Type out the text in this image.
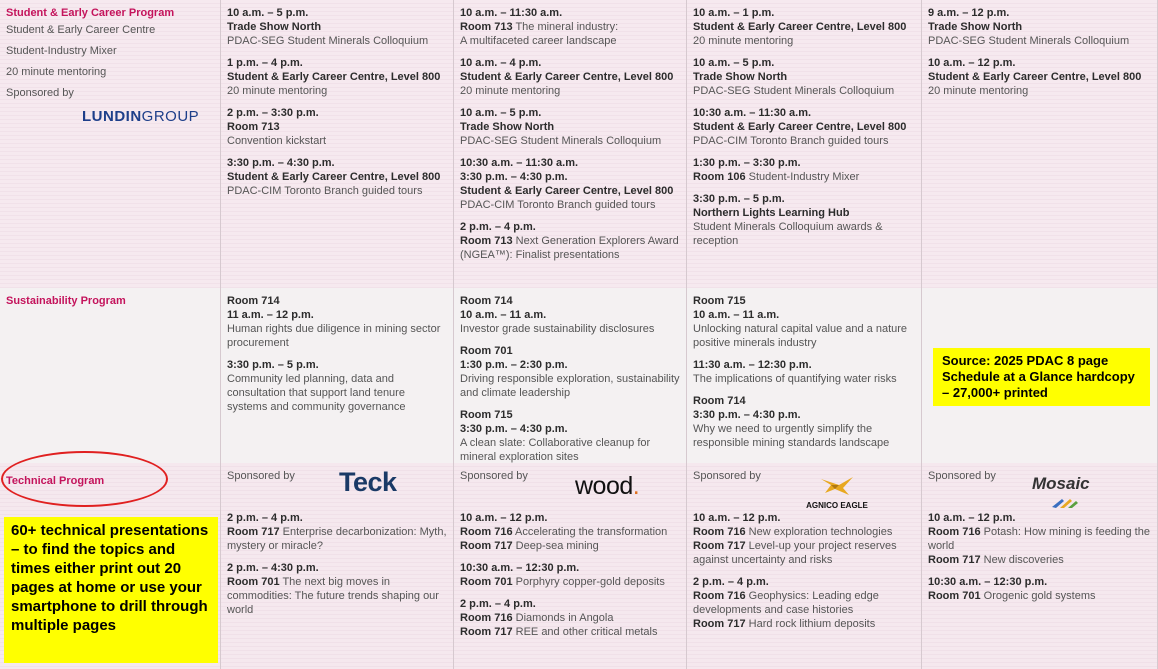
Student & Early Career Program
Student & Early Career Centre
Student-Industry Mixer
20 minute mentoring
Sponsored by
LUNDINGROUP
10 a.m. – 5 p.m.
Trade Show North
PDAC-SEG Student Minerals Colloquium
1 p.m. – 4 p.m.
Student & Early Career Centre, Level 800
20 minute mentoring
2 p.m. – 3:30 p.m.
Room 713
Convention kickstart
3:30 p.m. – 4:30 p.m.
Student & Early Career Centre, Level 800
PDAC-CIM Toronto Branch guided tours
10 a.m. – 11:30 a.m.
Room 713 The mineral industry:
A multifaceted career landscape
10 a.m. – 4 p.m.
Student & Early Career Centre, Level 800
20 minute mentoring
10 a.m. – 5 p.m.
Trade Show North
PDAC-SEG Student Minerals Colloquium
10:30 a.m. – 11:30 a.m.
3:30 p.m. – 4:30 p.m.
Student & Early Career Centre, Level 800
PDAC-CIM Toronto Branch guided tours
2 p.m. – 4 p.m.
Room 713 Next Generation Explorers Award
(NGEA™): Finalist presentations
10 a.m. – 1 p.m.
Student & Early Career Centre, Level 800
20 minute mentoring
10 a.m. – 5 p.m.
Trade Show North
PDAC-SEG Student Minerals Colloquium
10:30 a.m. – 11:30 a.m.
Student & Early Career Centre, Level 800
PDAC-CIM Toronto Branch guided tours
1:30 p.m. – 3:30 p.m.
Room 106 Student-Industry Mixer
3:30 p.m. – 5 p.m.
Northern Lights Learning Hub
Student Minerals Colloquium awards & reception
9 a.m. – 12 p.m.
Trade Show North
PDAC-SEG Student Minerals Colloquium
10 a.m. – 12 p.m.
Student & Early Career Centre, Level 800
20 minute mentoring
Sustainability Program	Room 714
11 a.m. – 12 p.m.
Human rights due diligence in mining sector procurement
3:30 p.m. – 5 p.m.
Community led planning, data and consultation that support land tenure systems and community governance
Room 714
10 a.m. – 11 a.m.
Investor grade sustainability disclosures
Room 701
1:30 p.m. – 2:30 p.m.
Driving responsible exploration, sustainability and climate leadership
Room 715
3:30 p.m. – 4:30 p.m.
A clean slate: Collaborative cleanup for mineral exploration sites
Room 715
10 a.m. – 11 a.m.
Unlocking natural capital value and a nature positive minerals industry
11:30 a.m. – 12:30 p.m.
The implications of quantifying water risks
Room 714
3:30 p.m. – 4:30 p.m.
Why we need to urgently simplify the responsible mining standards landscape
Technical Program	Sponsored by Teck
2 p.m. – 4 p.m.
Room 717 Enterprise decarbonization: Myth, mystery or miracle?
2 p.m. – 4:30 p.m.
Room 701 The next big moves in commodities: The future trends shaping our world
Sponsored by wood.
10 a.m. – 12 p.m.
Room 716 Accelerating the transformation
Room 717 Deep-sea mining
10:30 a.m. – 12:30 p.m.
Room 701 Porphyry copper-gold deposits
2 p.m. – 4 p.m.
Room 716 Diamonds in Angola
Room 717 REE and other critical metals
Sponsored by
AGNICO EAGLE
10 a.m. – 12 p.m.
Room 716 New exploration technologies
Room 717 Level-up your project reserves against uncertainty and risks
2 p.m. – 4 p.m.
Room 716 Geophysics: Leading edge developments and case histories
Room 717 Hard rock lithium deposits
Sponsored by Mosaic
10 a.m. – 12 p.m.
Room 716 Potash: How mining is feeding the world
Room 717 New discoveries
10:30 a.m. – 12:30 p.m.
Room 701 Orogenic gold systems
60+ technical presentations – to find the topics and times either print out 20 pages at home or use your smartphone to drill through multiple pages
Source: 2025 PDAC 8 page Schedule at a Glance hardcopy – 27,000+ printed
